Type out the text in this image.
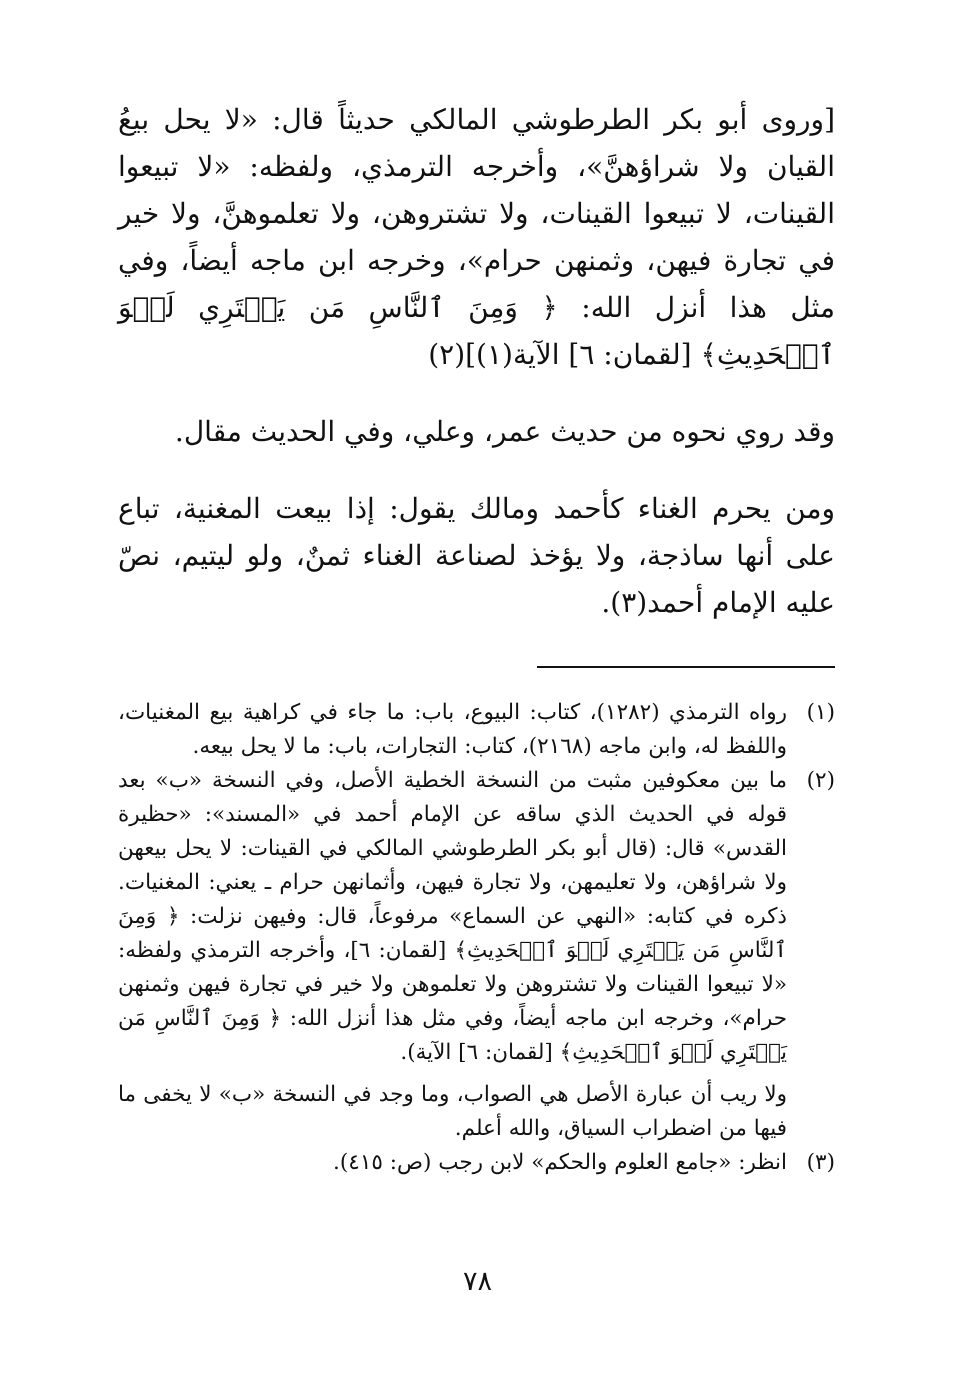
[وروى أبو بكر الطرطوشي المالكي حديثاً قال: «لا يحل بيعُ القيان ولا شراؤهنَّ»، وأخرجه الترمذي، ولفظه: «لا تبيعوا القينات، لا تبيعوا القينات، ولا تشتروهن، ولا تعلموهنَّ، ولا خير في تجارة فيهن، وثمنهن حرام»، وخرجه ابن ماجه أيضاً، وفي مثل هذا أنزل الله: ﴿ وَمِنَ ٱلنَّاسِ مَن يَشۡتَرِي لَهۡوَ ٱلۡحَدِيثِ﴾ [لقمان: ٦] الآية(١)](٢)

وقد روي نحوه من حديث عمر، وعلي، وفي الحديث مقال.

ومن يحرم الغناء كأحمد ومالك يقول: إذا بيعت المغنية، تباع على أنها ساذجة، ولا يؤخذ لصناعة الغناء ثمنٌ، ولو ليتيم، نصّ عليه الإمام أحمد(٣).

(١)

رواه الترمذي (١٢٨٢)، كتاب: البيوع، باب: ما جاء في كراهية بيع المغنيات، واللفظ له، وابن ماجه (٢١٦٨)، كتاب: التجارات، باب: ما لا يحل بيعه.

(٢)

ما بين معكوفين مثبت من النسخة الخطية الأصل، وفي النسخة «ب» بعد قوله في الحديث الذي ساقه عن الإمام أحمد في «المسند»: «حظيرة القدس» قال: (قال أبو بكر الطرطوشي المالكي في القينات: لا يحل بيعهن ولا شراؤهن، ولا تعليمهن، ولا تجارة فيهن، وأثمانهن حرام ـ يعني: المغنيات. ذكره في كتابه: «النهي عن السماع» مرفوعاً، قال: وفيهن نزلت: ﴿ وَمِنَ ٱلنَّاسِ مَن يَشۡتَرِي لَهۡوَ ٱلۡحَدِيثِ﴾ [لقمان: ٦]، وأخرجه الترمذي ولفظه: «لا تبيعوا القينات ولا تشتروهن ولا تعلموهن ولا خير في تجارة فيهن وثمنهن حرام»، وخرجه ابن ماجه أيضاً، وفي مثل هذا أنزل الله: ﴿ وَمِنَ ٱلنَّاسِ مَن يَشۡتَرِي لَهۡوَ ٱلۡحَدِيثِ﴾ [لقمان: ٦] الآية).

ولا ريب أن عبارة الأصل هي الصواب، وما وجد في النسخة «ب» لا يخفى ما فيها من اضطراب السياق، والله أعلم.

(٣)

انظر: «جامع العلوم والحكم» لابن رجب (ص: ٤١٥).

٧٨
